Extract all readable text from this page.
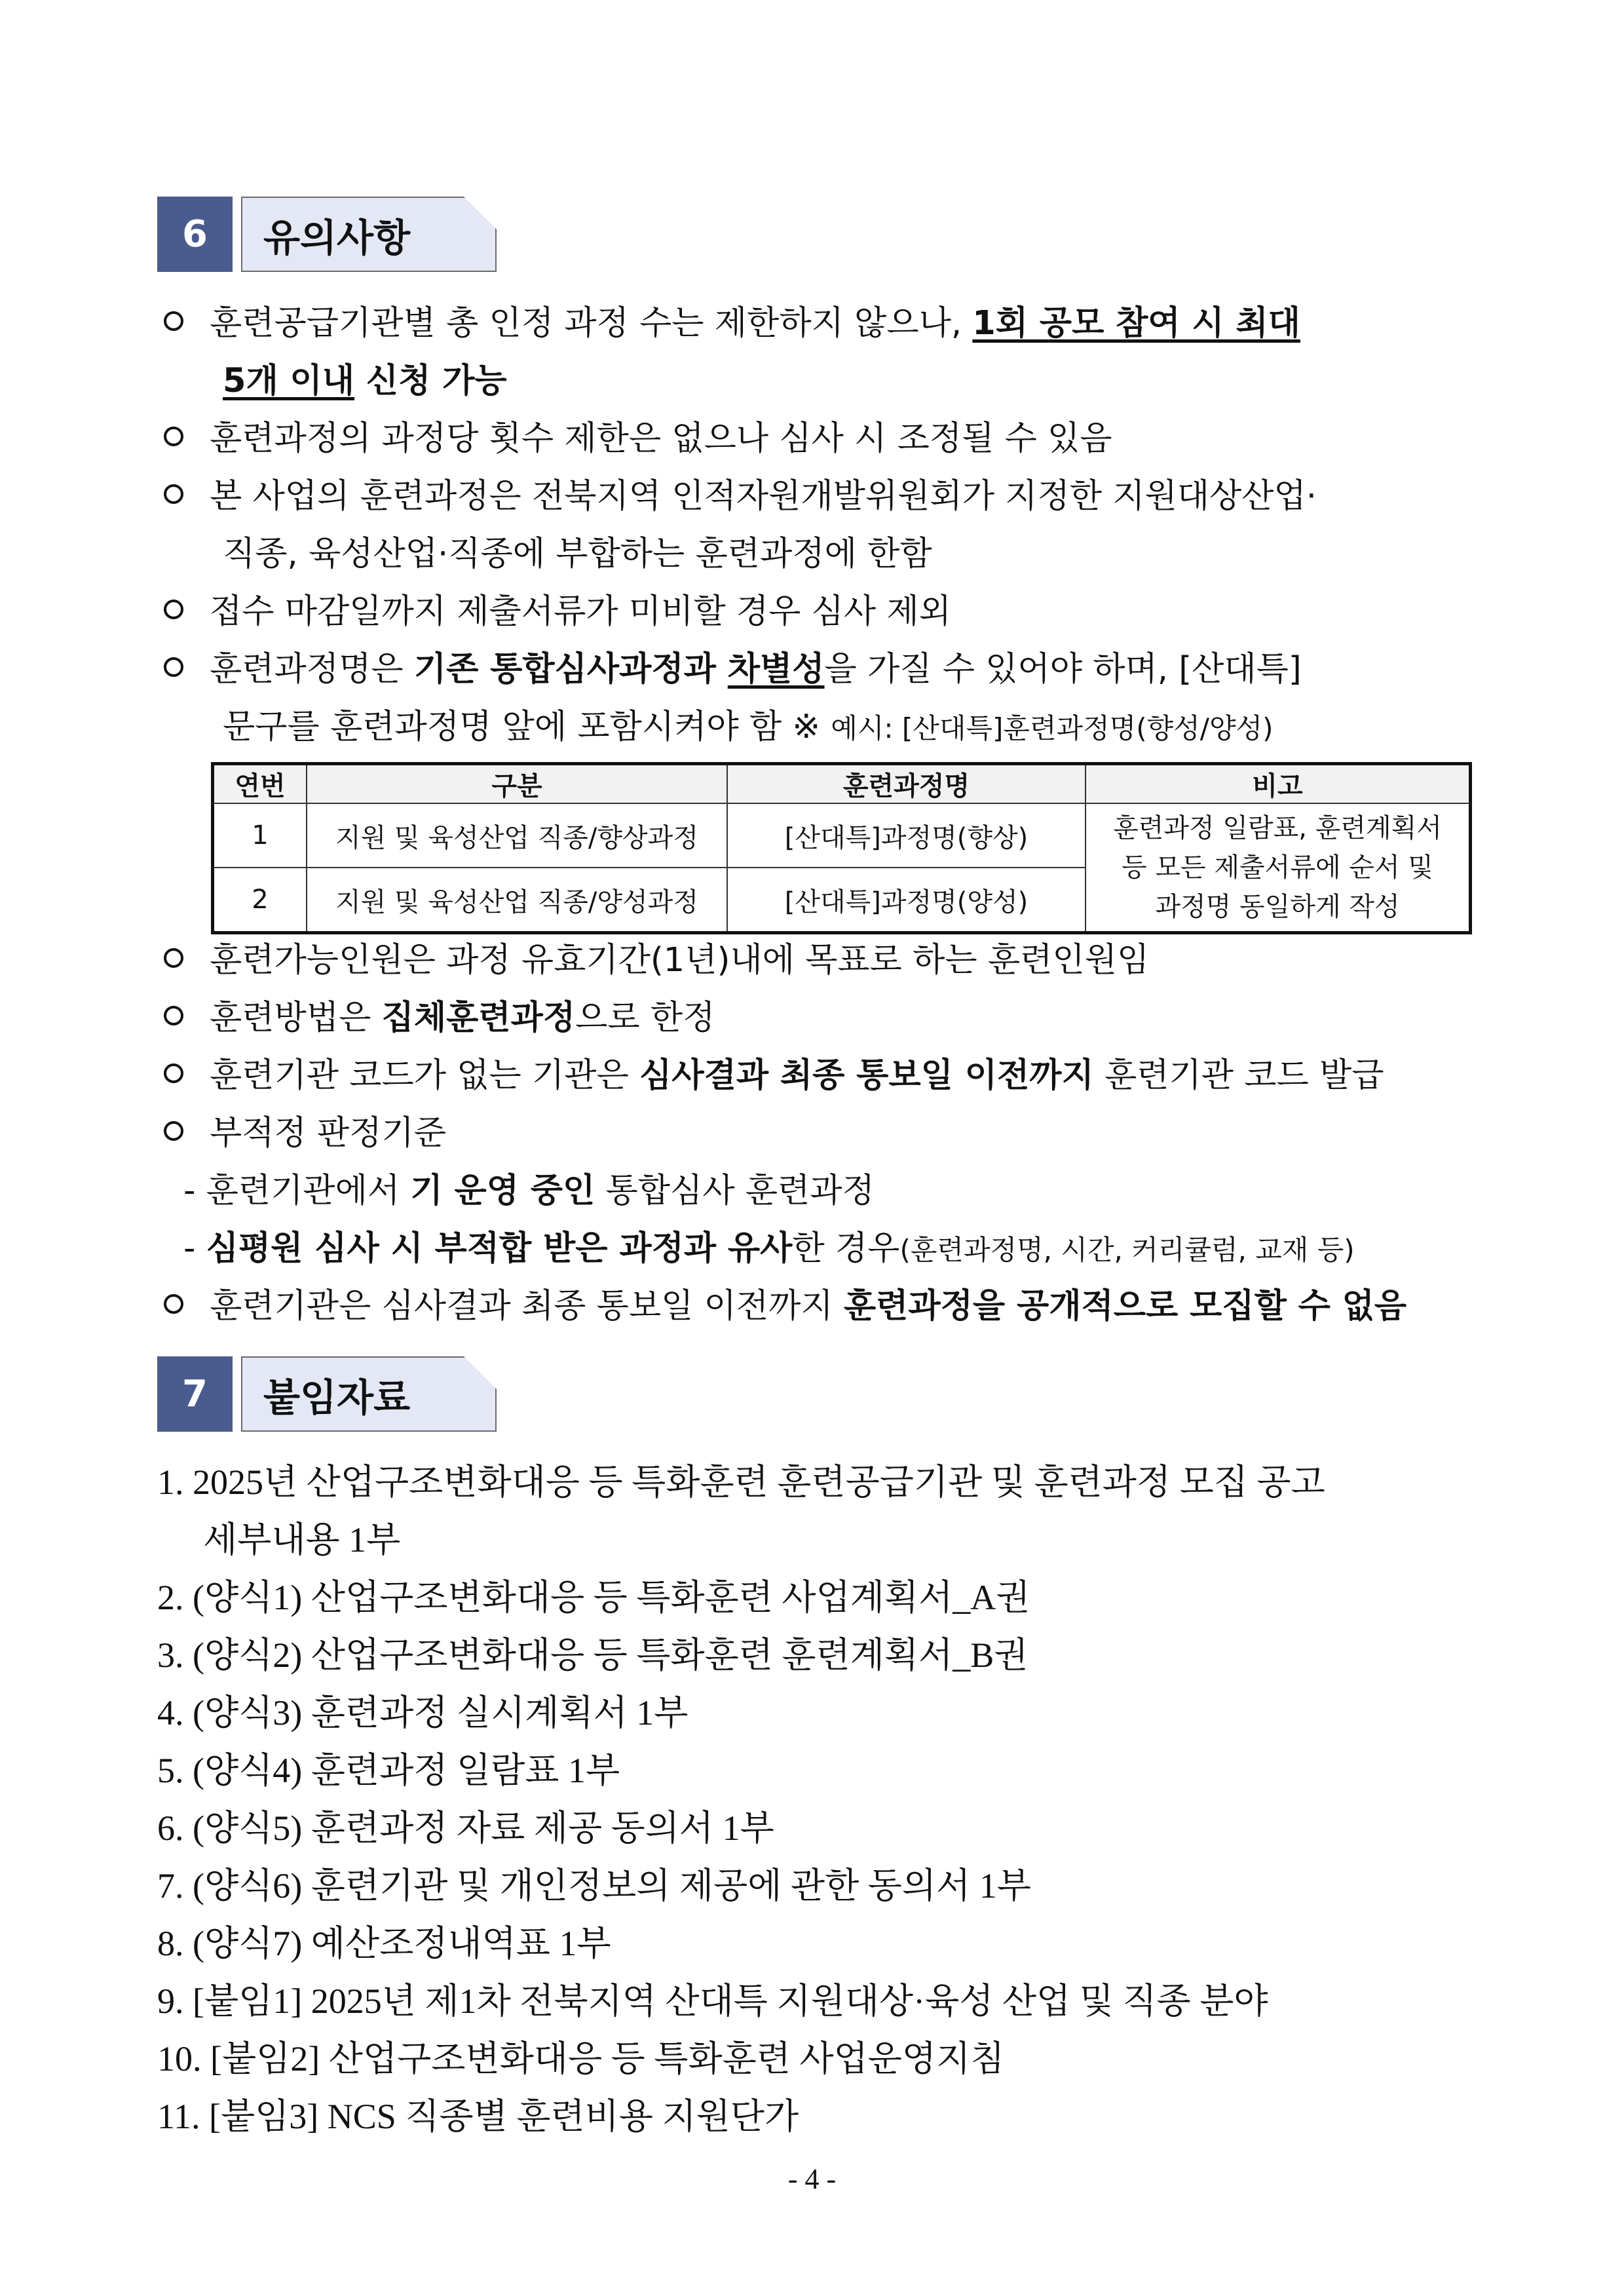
6	유의사항
훈련공급기관별 총 인정 과정 수는 제한하지 않으나, 1회 공모 참여 시 최대
5개 이내 신청 가능
훈련과정의 과정당 횟수 제한은 없으나 심사 시 조정될 수 있음
본 사업의 훈련과정은 전북지역 인적자원개발위원회가 지정한 지원대상산업·
직종, 육성산업·직종에 부합하는 훈련과정에 한함
접수 마감일까지 제출서류가 미비할 경우 심사 제외
훈련과정명은 기존 통합심사과정과 차별성을 가질 수 있어야 하며, [산대특]
문구를 훈련과정명 앞에 포함시켜야 함 ※ 예시: [산대특]훈련과정명(향성/양성)
연번	구분	훈련과정명	비고
1	지원 및 육성산업 직종/향상과정	[산대특]과정명(향상)	훈련과정 일람표, 훈련계획서
등 모든 제출서류에 순서 및
과정명 동일하게 작성

2	지원 및 육성산업 직종/양성과정	[산대특]과정명(양성)	
훈련가능인원은 과정 유효기간(1년)내에 목표로 하는 훈련인원임
훈련방법은 집체훈련과정으로 한정
훈련기관 코드가 없는 기관은 심사결과 최종 통보일 이전까지 훈련기관 코드 발급
부적정 판정기준
- 훈련기관에서 기 운영 중인 통합심사 훈련과정
- 심평원 심사 시 부적합 받은 과정과 유사한 경우(훈련과정명, 시간, 커리큘럼, 교재 등)
훈련기관은 심사결과 최종 통보일 이전까지 훈련과정을 공개적으로 모집할 수 없음
7	붙임자료
1. 2025년 산업구조변화대응 등 특화훈련 훈련공급기관 및 훈련과정 모집 공고
세부내용 1부
2. (양식1) 산업구조변화대응 등 특화훈련 사업계획서_A권
3. (양식2) 산업구조변화대응 등 특화훈련 훈련계획서_B권
4. (양식3) 훈련과정 실시계획서 1부
5. (양식4) 훈련과정 일람표 1부
6. (양식5) 훈련과정 자료 제공 동의서 1부
7. (양식6) 훈련기관 및 개인정보의 제공에 관한 동의서 1부
8. (양식7) 예산조정내역표 1부
9. [붙임1] 2025년 제1차 전북지역 산대특 지원대상·육성 산업 및 직종 분야
10. [붙임2] 산업구조변화대응 등 특화훈련 사업운영지침
11. [붙임3] NCS 직종별 훈련비용 지원단가
- 4 -
